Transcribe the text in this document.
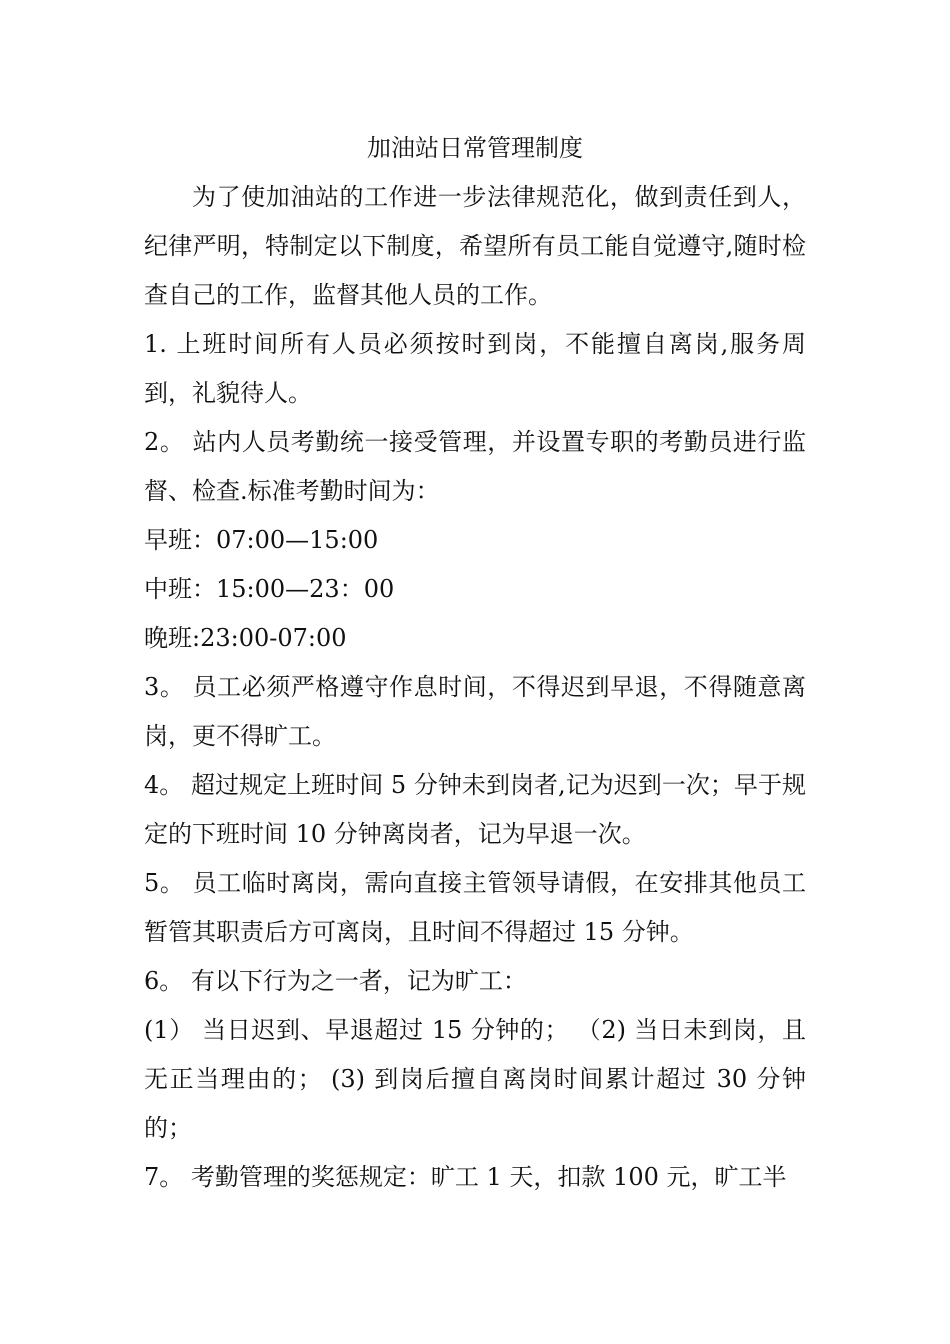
加油站日常管理制度

为了使加油站的工作进一步法律规范化，做到责任到人，纪律严明，特制定以下制度，希望所有员工能自觉遵守,随时检查自己的工作，监督其他人员的工作。

1. 上班时间所有人员必须按时到岗，不能擅自离岗,服务周到，礼貌待人。

2。 站内人员考勤统一接受管理，并设置专职的考勤员进行监督、检查.标准考勤时间为：

早班：07:00—15:00

中班：15:00—23：00

晚班:23:00-07:00

3。 员工必须严格遵守作息时间，不得迟到早退，不得随意离岗，更不得旷工。

4。 超过规定上班时间 5 分钟未到岗者,记为迟到一次；早于规定的下班时间 10 分钟离岗者，记为早退一次。

5。 员工临时离岗，需向直接主管领导请假，在安排其他员工暂管其职责后方可离岗，且时间不得超过 15 分钟。

6。 有以下行为之一者，记为旷工：

(1） 当日迟到、早退超过 15 分钟的； （2) 当日未到岗，且无正当理由的； (3) 到岗后擅自离岗时间累计超过 30 分钟的；

7。 考勤管理的奖惩规定：旷工 1 天，扣款 100 元，旷工半
